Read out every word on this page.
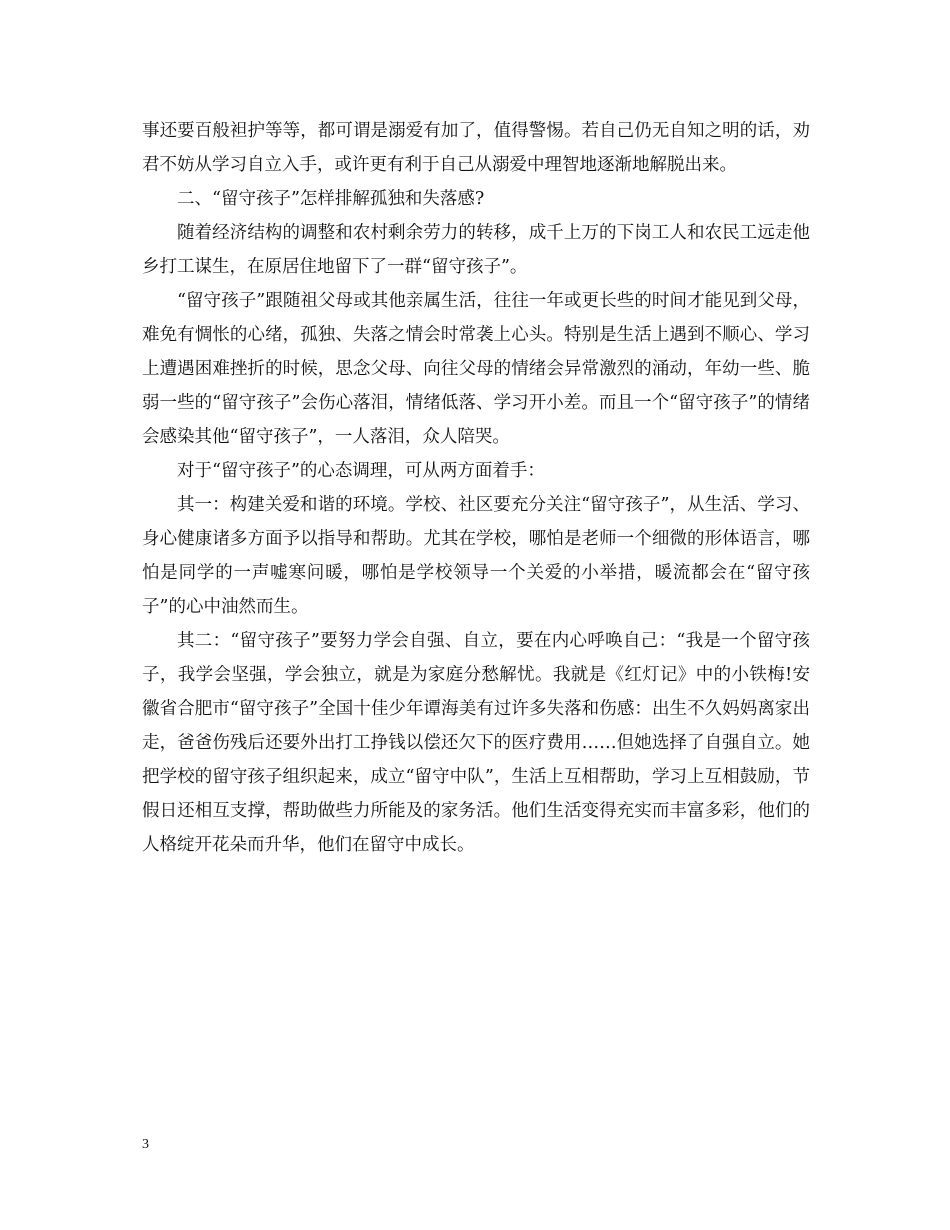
事还要百般袒护等等，都可谓是溺爱有加了，值得警惕。若自己仍无自知之明的话，劝君不妨从学习自立入手，或许更有利于自己从溺爱中理智地逐渐地解脱出来。

二、“留守孩子”怎样排解孤独和失落感?

随着经济结构的调整和农村剩余劳力的转移，成千上万的下岗工人和农民工远走他乡打工谋生，在原居住地留下了一群“留守孩子”。

“留守孩子”跟随祖父母或其他亲属生活，往往一年或更长些的时间才能见到父母，难免有惆怅的心绪，孤独、失落之情会时常袭上心头。特别是生活上遇到不顺心、学习上遭遇困难挫折的时候，思念父母、向往父母的情绪会异常激烈的涌动，年幼一些、脆弱一些的“留守孩子”会伤心落泪，情绪低落、学习开小差。而且一个“留守孩子”的情绪会感染其他“留守孩子”，一人落泪，众人陪哭。

对于“留守孩子”的心态调理，可从两方面着手：

其一：构建关爱和谐的环境。学校、社区要充分关注“留守孩子”，从生活、学习、身心健康诸多方面予以指导和帮助。尤其在学校，哪怕是老师一个细微的形体语言，哪怕是同学的一声嘘寒问暖，哪怕是学校领导一个关爱的小举措，暖流都会在“留守孩子”的心中油然而生。

其二：“留守孩子”要努力学会自强、自立，要在内心呼唤自己：“我是一个留守孩子，我学会坚强，学会独立，就是为家庭分愁解忧。我就是《红灯记》中的小铁梅!安徽省合肥市“留守孩子”全国十佳少年谭海美有过许多失落和伤感：出生不久妈妈离家出走，爸爸伤残后还要外出打工挣钱以偿还欠下的医疗费用……但她选择了自强自立。她把学校的留守孩子组织起来，成立“留守中队”，生活上互相帮助，学习上互相鼓励，节假日还相互支撑，帮助做些力所能及的家务活。他们生活变得充实而丰富多彩，他们的人格绽开花朵而升华，他们在留守中成长。

3
